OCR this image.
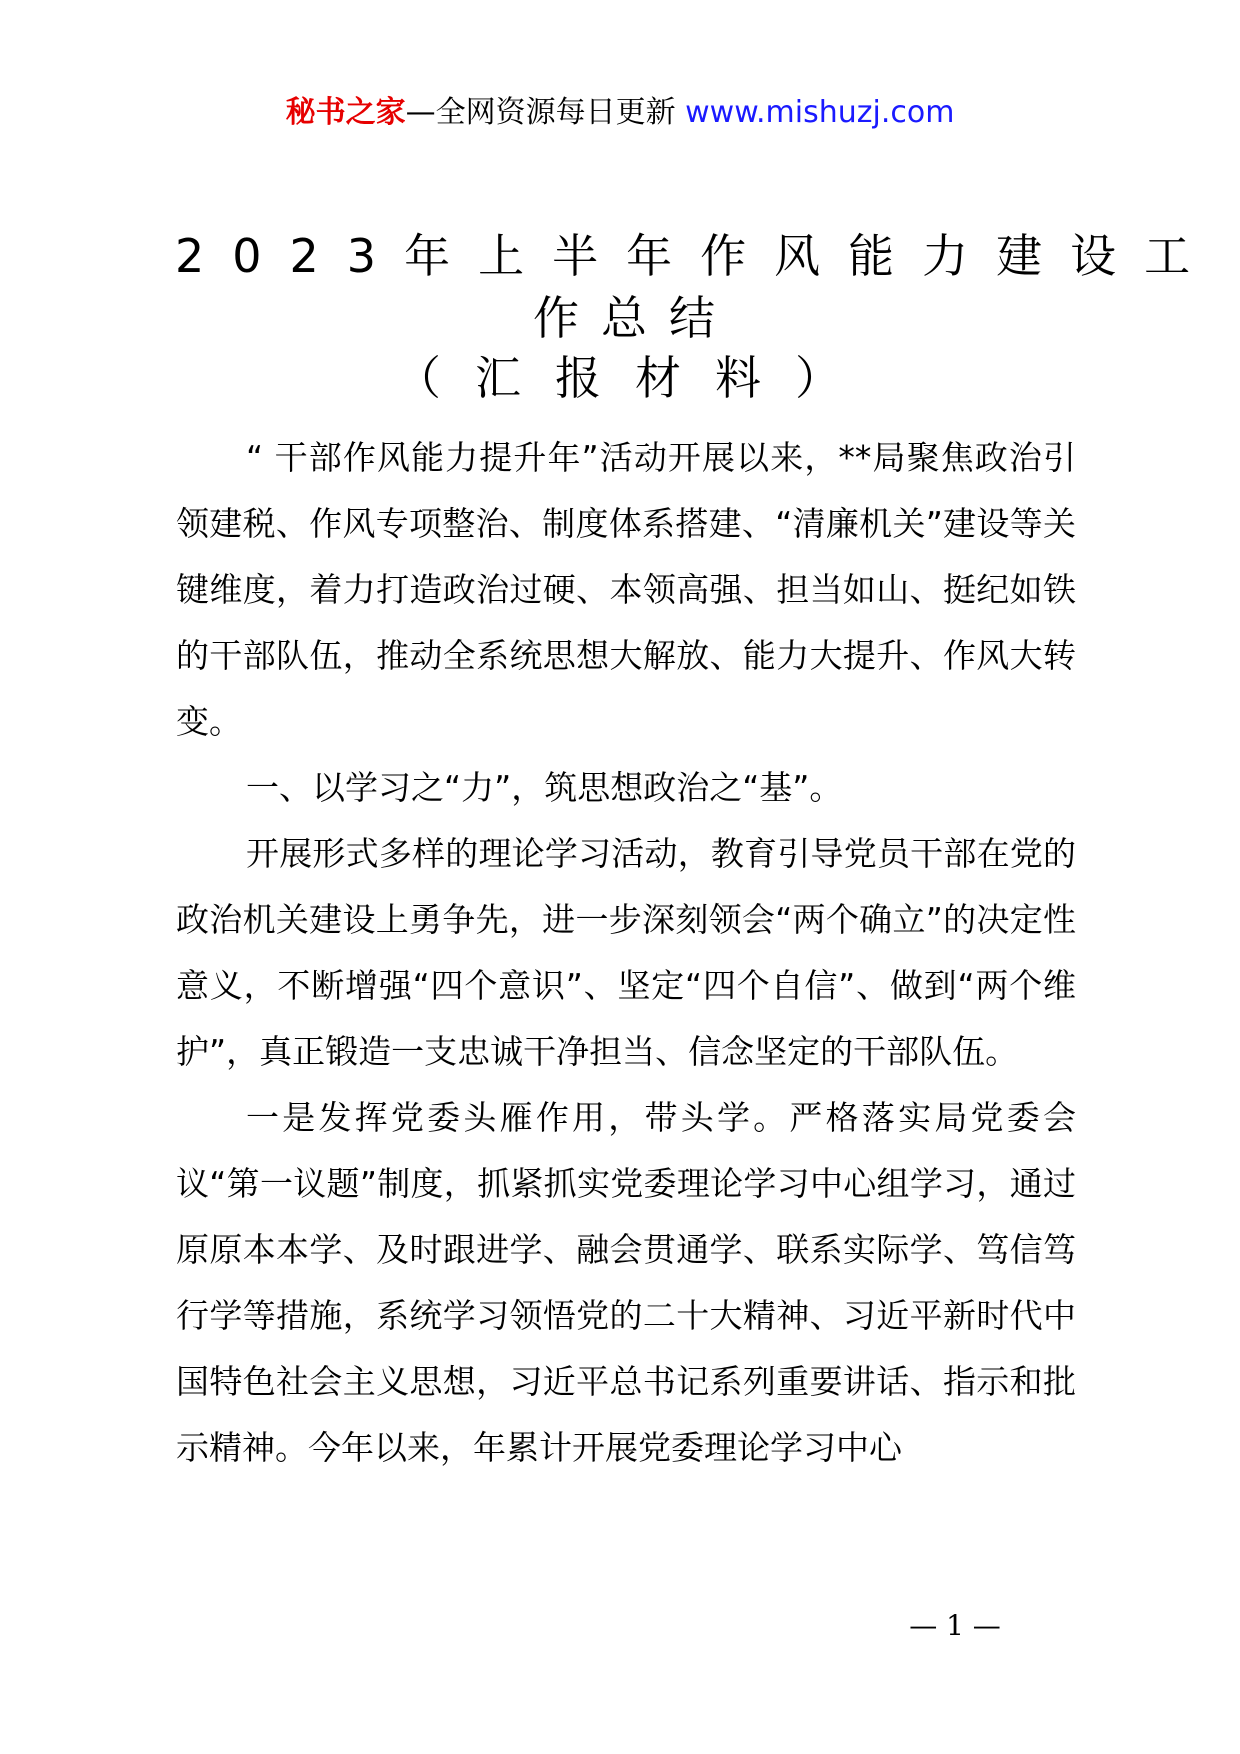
秘书之家—全网资源每日更新 www.mishuzj.com
2023年上半年作风能力建设工
作总结
（汇报材料）

“ 干部作风能力提升年”活动开展以来，**局聚焦政治引领建税、作风专项整治、制度体系搭建、“清廉机关”建设等关键维度，着力打造政治过硬、本领高强、担当如山、挺纪如铁的干部队伍，推动全系统思想大解放、能力大提升、作风大转变。

一、以学习之“力”，筑思想政治之“基”。

开展形式多样的理论学习活动，教育引导党员干部在党的政治机关建设上勇争先，进一步深刻领会“两个确立”的决定性意义，不断增强“四个意识”、坚定“四个自信”、做到“两个维护”，真正锻造一支忠诚干净担当、信念坚定的干部队伍。

一是发挥党委头雁作用，带头学。严格落实局党委会议“第一议题”制度，抓紧抓实党委理论学习中心组学习，通过原原本本学、及时跟进学、融会贯通学、联系实际学、笃信笃行学等措施，系统学习领悟党的二十大精神、习近平新时代中国特色社会主义思想，习近平总书记系列重要讲话、指示和批示精神。今年以来，年累计开展党委理论学习中心

— 1 —
